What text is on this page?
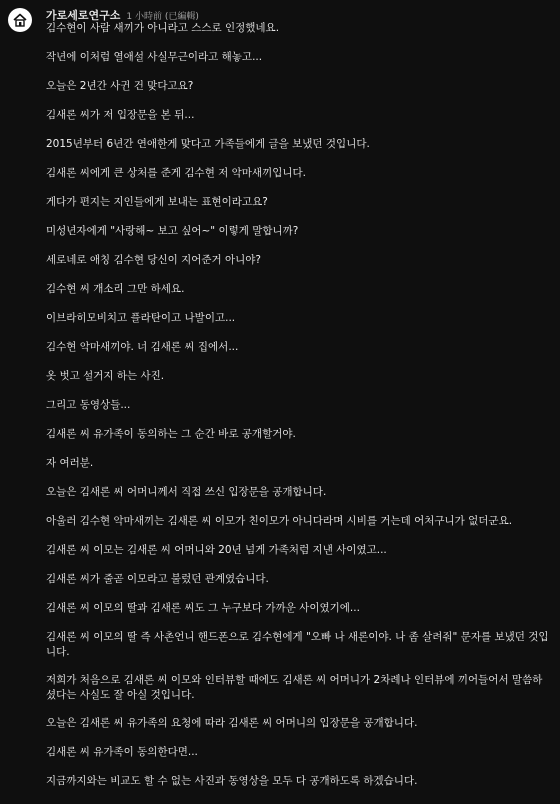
가로세로연구소 1 小時前 (已編輯)

김수현이 사람 새끼가 아니라고 스스로 인정했네요.

작년에 이처럼 열애설 사실무근이라고 해놓고...

오늘은 2년간 사귄 건 맞다고요?

김새론 씨가 저 입장문을 본 뒤...

2015년부터 6년간 연애한게 맞다고 가족들에게 글을 보냈던 것입니다.

김새론 씨에게 큰 상처를 준게 김수현 저 악마새끼입니다.

게다가 편지는 지인들에게 보내는 표현이라고요?

미성년자에게 "사랑해~ 보고 싶어~" 이렇게 말합니까?

세로네로 애칭 김수현 당신이 지어준거 아니야?

김수현 씨 개소리 그만 하세요.

이브라히모비치고 플라탄이고 나발이고...

김수현 악마새끼야. 너 김새론 씨 집에서...

옷 벗고 설거지 하는 사진.

그리고 동영상들...

김새론 씨 유가족이 동의하는 그 순간 바로 공개할거야.

자 여러분.

오늘은 김새론 씨 어머니께서 직접 쓰신 입장문을 공개합니다.

아울러 김수현 악마새끼는 김새론 씨 이모가 친이모가 아니다라며 시비를 거는데 어처구니가 없더군요.

김새론 씨 이모는 김새론 씨 어머니와 20년 넘게 가족처럼 지낸 사이였고...

김새론 씨가 줄곧 이모라고 불렀던 관계였습니다.

김새론 씨 이모의 딸과 김새론 씨도 그 누구보다 가까운 사이였기에...

김새론 씨 이모의 딸 즉 사촌언니 핸드폰으로 김수현에게 "오빠 나 새론이야. 나 좀 살려줘" 문자를 보냈던 것입니다.

저희가 처음으로 김새론 씨 이모와 인터뷰할 때에도 김새론 씨 어머니가 2차례나 인터뷰에 끼어들어서 말씀하셨다는 사실도 잘 아실 것입니다.

오늘은 김새론 씨 유가족의 요청에 따라 김새론 씨 어머니의 입장문을 공개합니다.

김새론 씨 유가족이 동의한다면...

지금까지와는 비교도 할 수 없는 사진과 동영상을 모두 다 공개하도록 하겠습니다.
